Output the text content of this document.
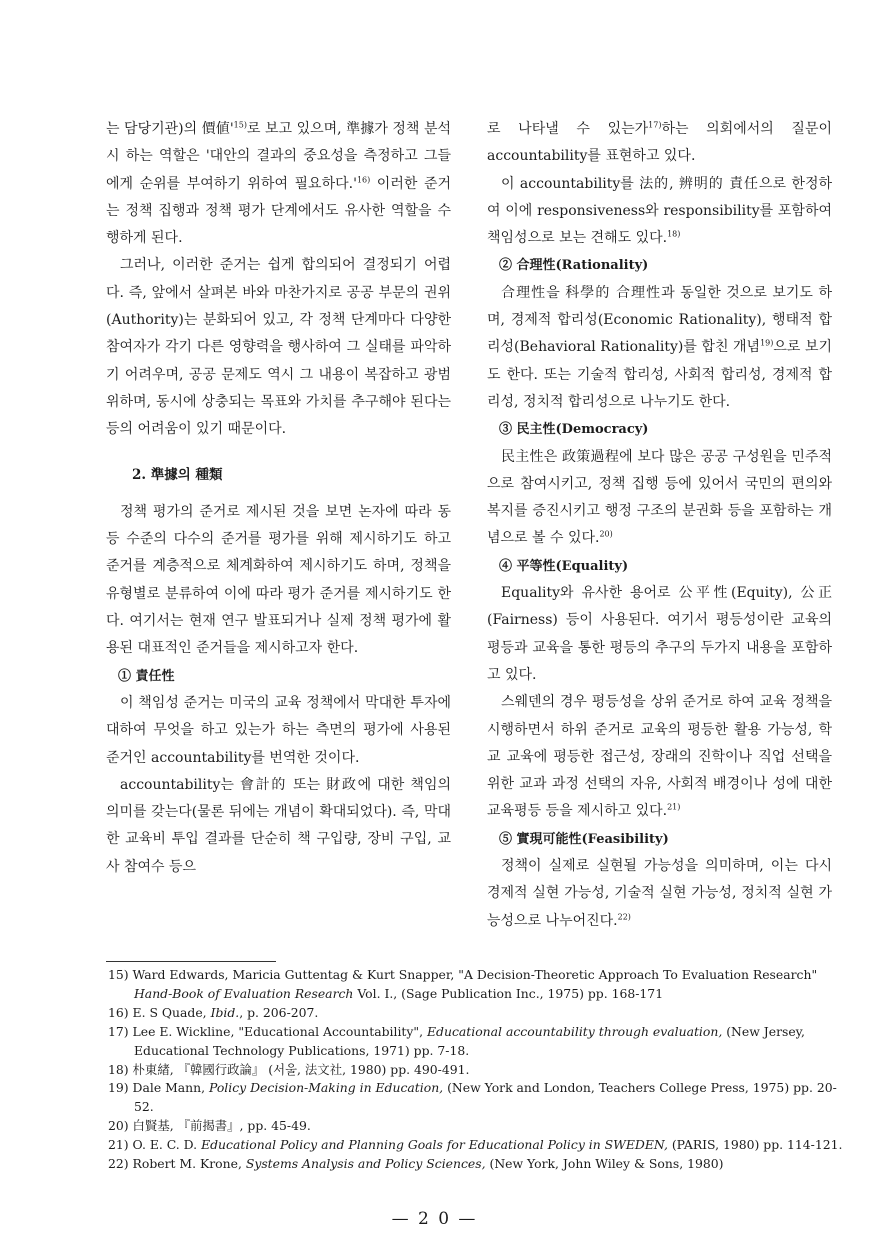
는 담당기관)의 價値'$^{15)}$로 보고 있으며, 準據가 정책 분석시 하는 역할은 '대안의 결과의 중요성을 측정하고 그들에게 순위를 부여하기 위하여 필요하다$.'^{16)}$ 이러한 준거는 정책 집행과 정책 평가 단계에서도 유사한 역할을 수행하게 된다.

그러나, 이러한 준거는 쉽게 합의되어 결정되기 어렵다. 즉, 앞에서 살펴본 바와 마찬가지로 공공 부문의 권위(Authority)는 분화되어 있고, 각 정책 단계마다 다양한 참여자가 각기 다른 영향력을 행사하여 그 실태를 파악하기 어려우며, 공공 문제도 역시 그 내용이 복잡하고 광범위하며, 동시에 상충되는 목표와 가치를 추구해야 된다는 등의 어려움이 있기 때문이다.

2. 準據의 種類

정책 평가의 준거로 제시된 것을 보면 논자에 따라 동등 수준의 다수의 준거를 평가를 위해 제시하기도 하고 준거를 계층적으로 체계화하여 제시하기도 하며, 정책을 유형별로 분류하여 이에 따라 평가 준거를 제시하기도 한다. 여기서는 현재 연구 발표되거나 실제 정책 평가에 활용된 대표적인 준거들을 제시하고자 한다.

① 責任性

이 책임성 준거는 미국의 교육 정책에서 막대한 투자에 대하여 무엇을 하고 있는가 하는 측면의 평가에 사용된 준거인 accountability를 번역한 것이다.

accountability는 會計的 또는 財政에 대한 책임의 의미를 갖는다(물론 뒤에는 개념이 확대되었다). 즉, 막대한 교육비 투입 결과를 단순히 책 구입량, 장비 구입, 교사 참여수 등으

로 나타낼 수 있는가$^{17)}$하는 의회에서의 질문이 accountability를 표현하고 있다.

이 accountability를 法的, 辨明的 責任으로 한정하여 이에 responsiveness와 responsibility를 포함하여 책임성으로 보는 견해도 있다.$^{18)}$

② 合理性(Rationality)

合理性을 科學的 合理性과 동일한 것으로 보기도 하며, 경제적 합리성(Economic Rationality), 행태적 합리성(Behavioral Rationality)를 합친 개념$^{19)}$으로 보기도 한다. 또는 기술적 합리성, 사회적 합리성, 경제적 합리성, 정치적 합리성으로 나누기도 한다.

③ 民主性(Democracy)

民主性은 政策過程에 보다 많은 공공 구성원을 민주적으로 참여시키고, 정책 집행 등에 있어서 국민의 편의와 복지를 증진시키고 행정 구조의 분권화 등을 포함하는 개념으로 볼 수 있다.$^{20)}$

④ 平等性(Equality)

Equality와 유사한 용어로 公平性(Equity), 公正(Fairness) 등이 사용된다. 여기서 평등성이란 교육의 평등과 교육을 통한 평등의 추구의 두가지 내용을 포함하고 있다.

스웨덴의 경우 평등성을 상위 준거로 하여 교육 정책을 시행하면서 하위 준거로 교육의 평등한 활용 가능성, 학교 교육에 평등한 접근성, 장래의 진학이나 직업 선택을 위한 교과 과정 선택의 자유, 사회적 배경이나 성에 대한 교육평등 등을 제시하고 있다.$^{21)}$

⑤ 實現可能性(Feasibility)

정책이 실제로 실현될 가능성을 의미하며, 이는 다시 경제적 실현 가능성, 기술적 실현 가능성, 정치적 실현 가능성으로 나누어진다.$^{22)}$

15) Ward Edwards, Maricia Guttentag & Kurt Snapper, "A Decision-Theoretic Approach To Evaluation Research" Hand-Book of Evaluation Research Vol. I., (Sage Publication Inc., 1975) pp. 168-171
16) E. S Quade, Ibid., p. 206-207.
17) Lee E. Wickline, "Educational Accountability", Educational accountability through evaluation, (New Jersey, Educational Technology Publications, 1971) pp. 7-18.
18) 朴東緖, 『韓國行政論』 (서울, 法文社, 1980) pp. 490-491.
19) Dale Mann, Policy Decision-Making in Education, (New York and London, Teachers College Press, 1975) pp. 20-52.
20) 白賢基, 『前揭書』, pp. 45-49.
21) O. E. C. D. Educational Policy and Planning Goals for Educational Policy in SWEDEN, (PARIS, 1980) pp. 114-121.
22) Robert M. Krone, Systems Analysis and Policy Sciences, (New York, John Wiley & Sons, 1980)
— 2 0 —
